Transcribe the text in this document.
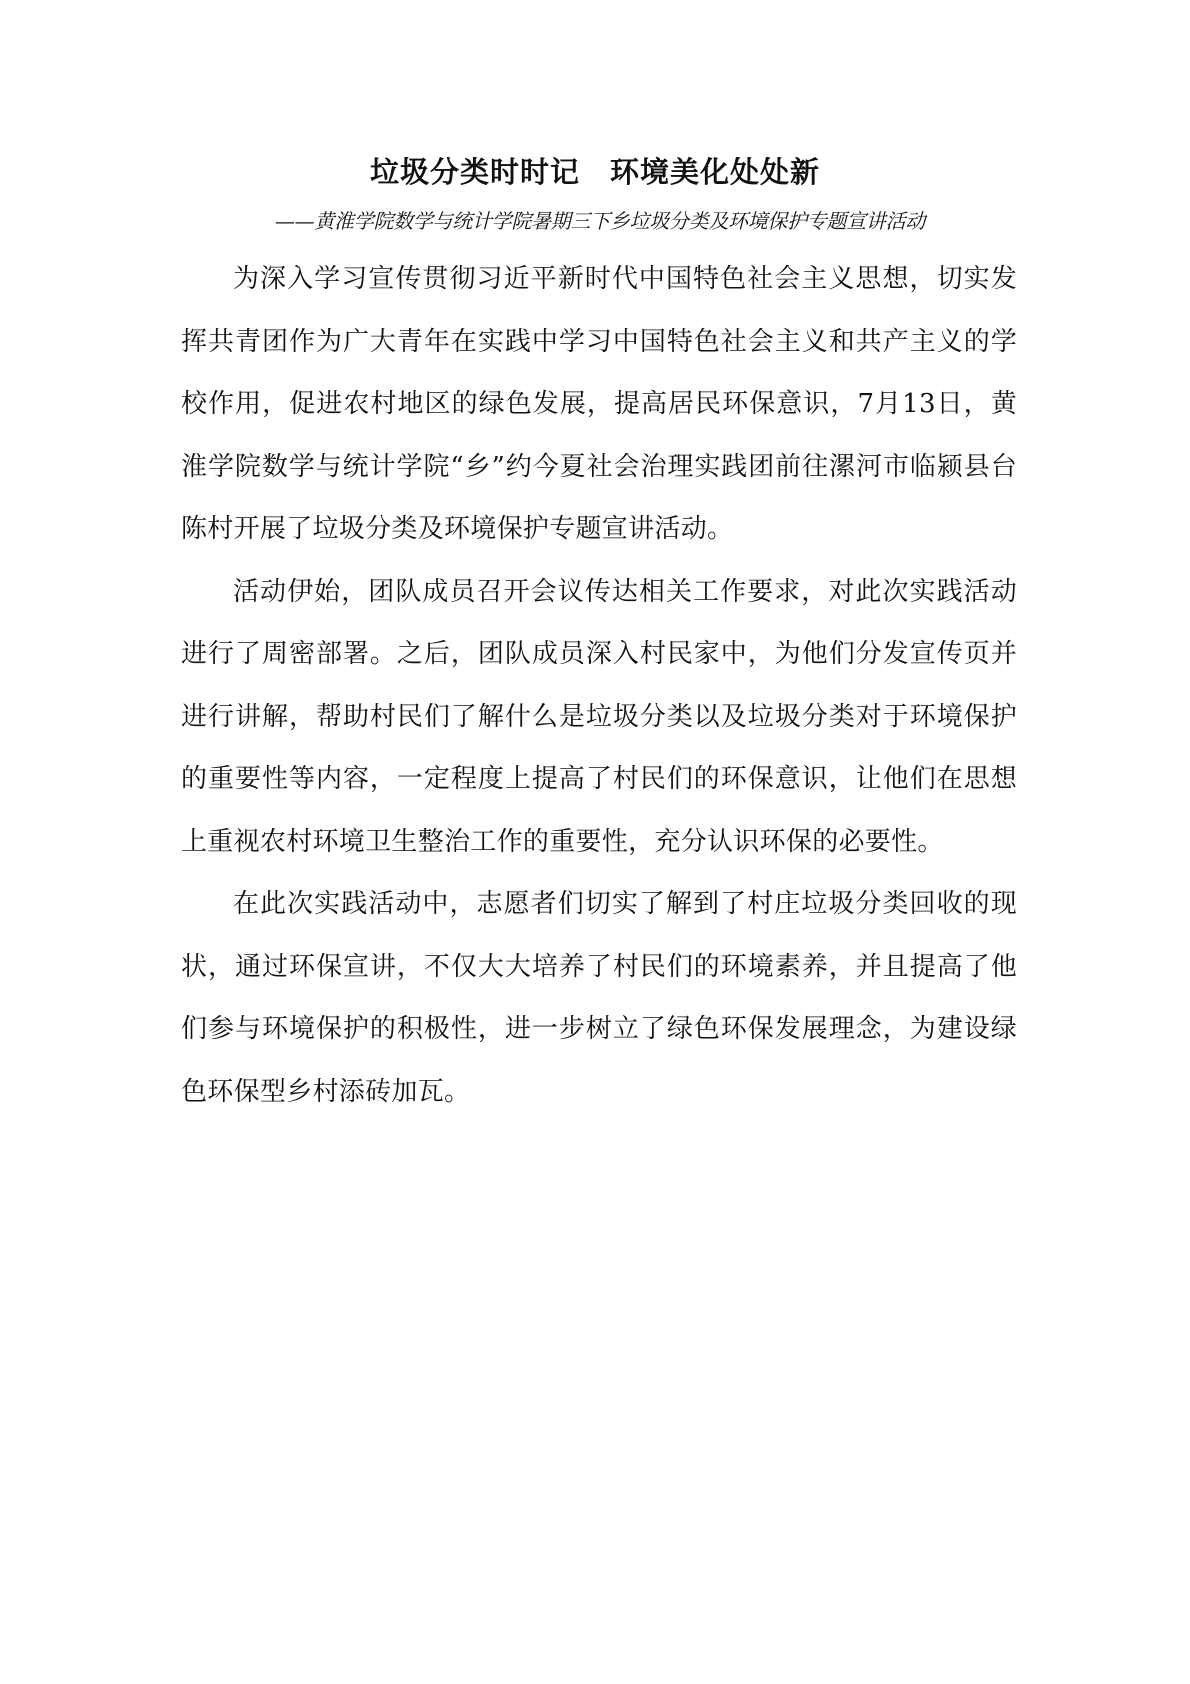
垃圾分类时时记　环境美化处处新
——黄淮学院数学与统计学院暑期三下乡垃圾分类及环境保护专题宣讲活动

为深入学习宣传贯彻习近平新时代中国特色社会主义思想，切实发挥共青团作为广大青年在实践中学习中国特色社会主义和共产主义的学校作用，促进农村地区的绿色发展，提高居民环保意识，7月13日，黄淮学院数学与统计学院“乡”约今夏社会治理实践团前往漯河市临颍县台陈村开展了垃圾分类及环境保护专题宣讲活动。

活动伊始，团队成员召开会议传达相关工作要求，对此次实践活动进行了周密部署。之后，团队成员深入村民家中，为他们分发宣传页并进行讲解，帮助村民们了解什么是垃圾分类以及垃圾分类对于环境保护的重要性等内容，一定程度上提高了村民们的环保意识，让他们在思想上重视农村环境卫生整治工作的重要性，充分认识环保的必要性。

在此次实践活动中，志愿者们切实了解到了村庄垃圾分类回收的现状，通过环保宣讲，不仅大大培养了村民们的环境素养，并且提高了他们参与环境保护的积极性，进一步树立了绿色环保发展理念，为建设绿色环保型乡村添砖加瓦。
